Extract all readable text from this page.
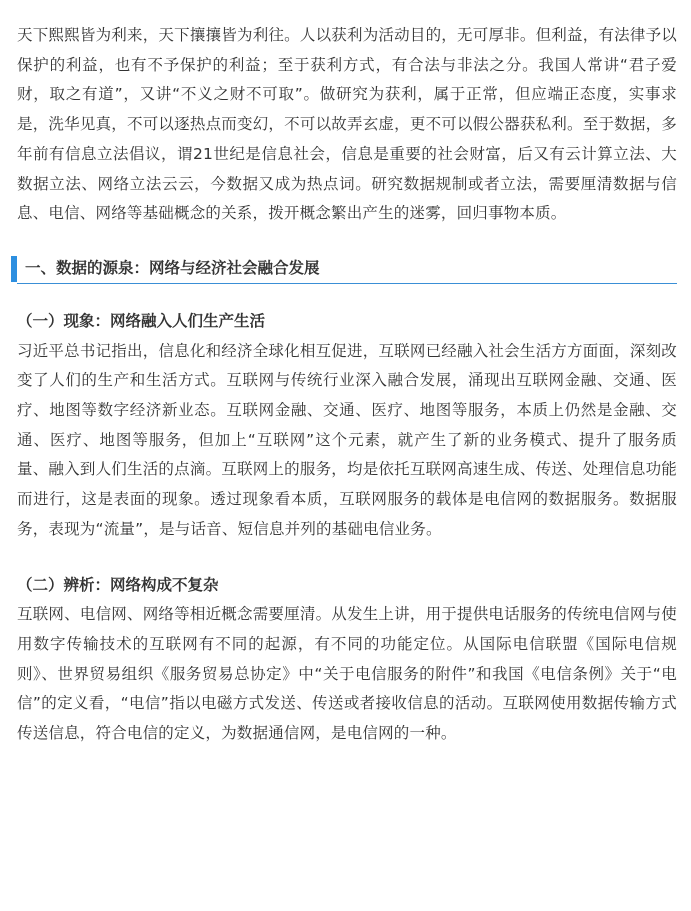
天下熙熙皆为利来，天下攘攘皆为利往。人以获利为活动目的，无可厚非。但利益，有法律予以保护的利益，也有不予保护的利益；至于获利方式，有合法与非法之分。我国人常讲“君子爱财，取之有道”，又讲“不义之财不可取”。做研究为获利，属于正常，但应端正态度，实事求是，洗华见真，不可以逐热点而变幻，不可以故弄玄虚，更不可以假公器获私利。至于数据，多年前有信息立法倡议，谓21世纪是信息社会，信息是重要的社会财富，后又有云计算立法、大数据立法、网络立法云云，今数据又成为热点词。研究数据规制或者立法，需要厘清数据与信息、电信、网络等基础概念的关系，拨开概念繁出产生的迷雾，回归事物本质。

一、数据的源泉：网络与经济社会融合发展

（一）现象：网络融入人们生产生活

习近平总书记指出，信息化和经济全球化相互促进，互联网已经融入社会生活方方面面，深刻改变了人们的生产和生活方式。互联网与传统行业深入融合发展，涌现出互联网金融、交通、医疗、地图等数字经济新业态。互联网金融、交通、医疗、地图等服务，本质上仍然是金融、交通、医疗、地图等服务，但加上“互联网”这个元素，就产生了新的业务模式、提升了服务质量、融入到人们生活的点滴。互联网上的服务，均是依托互联网高速生成、传送、处理信息功能而进行，这是表面的现象。透过现象看本质，互联网服务的载体是电信网的数据服务。数据服务，表现为“流量”，是与话音、短信息并列的基础电信业务。

（二）辨析：网络构成不复杂

互联网、电信网、网络等相近概念需要厘清。从发生上讲，用于提供电话服务的传统电信网与使用数字传输技术的互联网有不同的起源，有不同的功能定位。从国际电信联盟《国际电信规则》、世界贸易组织《服务贸易总协定》中“关于电信服务的附件”和我国《电信条例》关于“电信”的定义看，“电信”指以电磁方式发送、传送或者接收信息的活动。互联网使用数据传输方式传送信息，符合电信的定义，为数据通信网，是电信网的一种。
